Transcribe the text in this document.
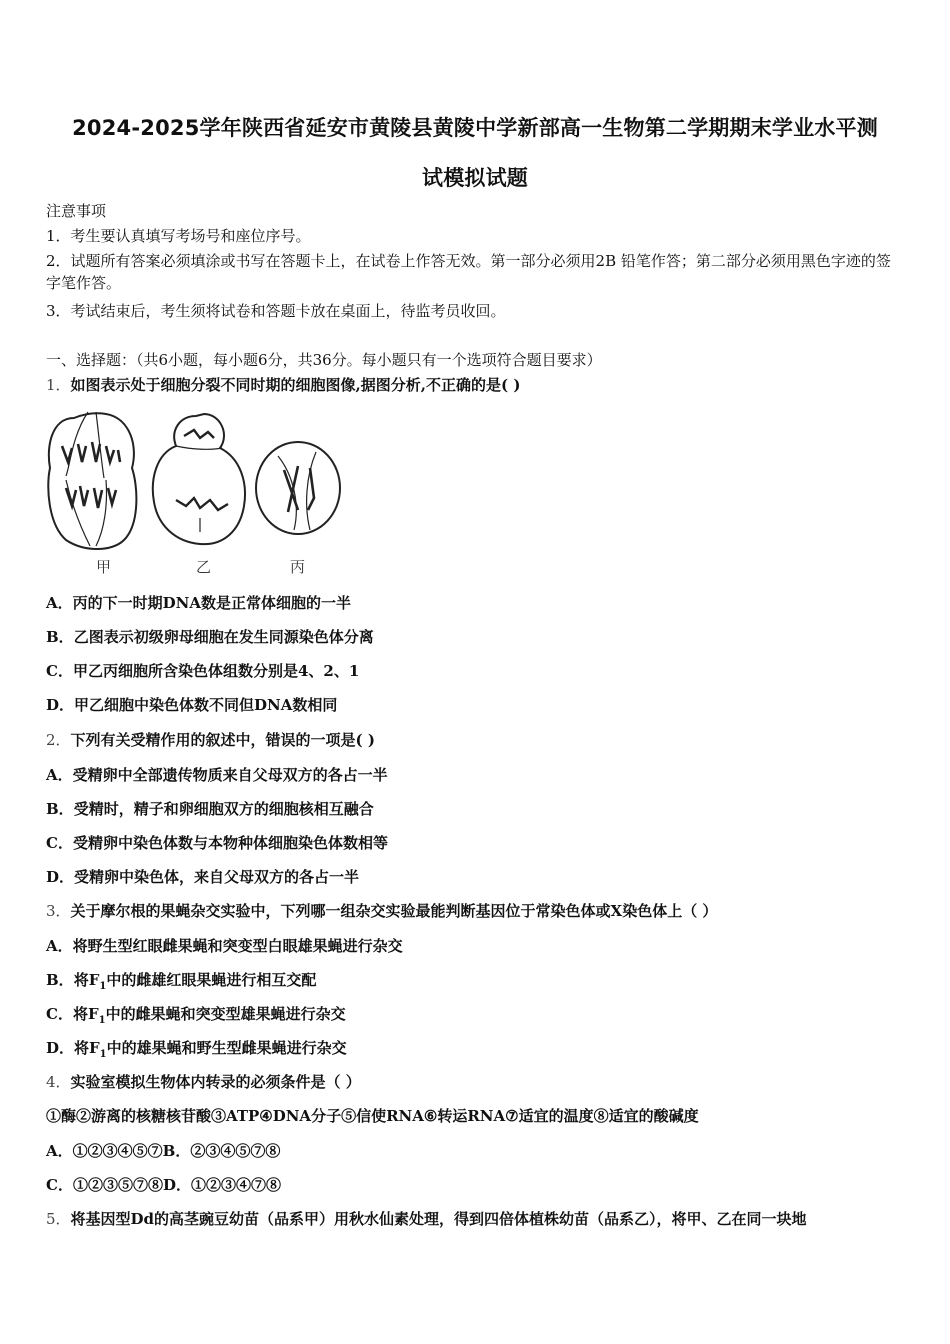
2024-2025学年陕西省延安市黄陵县黄陵中学新部高一生物第二学期期末学业水平测
试模拟试题
注意事项
1．考生要认真填写考场号和座位序号。
2．试题所有答案必须填涂或书写在答题卡上，在试卷上作答无效。第一部分必须用2B 铅笔作答；第二部分必须用黑色字迹的签字笔作答。
3．考试结束后，考生须将试卷和答题卡放在桌面上，待监考员收回。
一、选择题：（共6小题，每小题6分，共36分。每小题只有一个选项符合题目要求）
1．如图表示处于细胞分裂不同时期的细胞图像,据图分析,不正确的是( )
甲	乙	丙
A．丙的下一时期DNA数是正常体细胞的一半
B．乙图表示初级卵母细胞在发生同源染色体分离
C．甲乙丙细胞所含染色体组数分别是4、2、1
D．甲乙细胞中染色体数不同但DNA数相同
2．下列有关受精作用的叙述中，错误的一项是( )
A．受精卵中全部遗传物质来自父母双方的各占一半
B．受精时，精子和卵细胞双方的细胞核相互融合
C．受精卵中染色体数与本物种体细胞染色体数相等
D．受精卵中染色体，来自父母双方的各占一半
3．关于摩尔根的果蝇杂交实验中，下列哪一组杂交实验最能判断基因位于常染色体或X染色体上（ ）
A．将野生型红眼雌果蝇和突变型白眼雄果蝇进行杂交
B．将$F_1$中的雌雄红眼果蝇进行相互交配
C．将$F_1$中的雌果蝇和突变型雄果蝇进行杂交
D．将$F_1$中的雄果蝇和野生型雌果蝇进行杂交
4．实验室模拟生物体内转录的必须条件是（ ）
①酶②游离的核糖核苷酸③ATP④DNA分子⑤信使RNA⑥转运RNA⑦适宜的温度⑧适宜的酸碱度
A．①②③④⑤⑦B．②③④⑤⑦⑧
C．①②③⑤⑦⑧D．①②③④⑦⑧
5．将基因型Dd的高茎豌豆幼苗（品系甲）用秋水仙素处理，得到四倍体植株幼苗（品系乙），将甲、乙在同一块地
